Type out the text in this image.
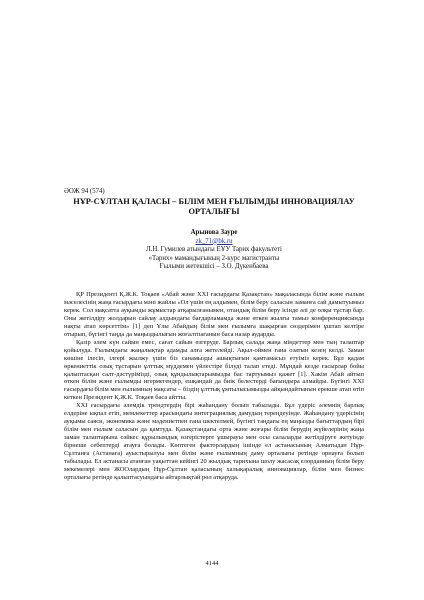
ӘОЖ 94 (574)
НҰР-СҰЛТАН ҚАЛАСЫ – БІЛІМ МЕН ҒЫЛЫМДЫ ИННОВАЦИЯЛАУ ОРТАЛЫҒЫ
Арынова Зауре
zk_71@bk.ru
Л.Н. Гумилев атындағы ЕҰУ Тарих факультеті
«Тарих» мамандығының 2-курс магистранты
Ғылыми жетекшісі – З.О. Дүкенбаева

ҚР Президенті Қ.Ж.К. Тоқаев «Абай және XXI ғасырдағы Қазақстан» мақаласында білім және ғылым мәселесінің жаңа ғасырдағы мәні жайлы «Ол үшін ең алдымен, білім беру саласын заманға сай дамытуымыз керек. Сол мақсатта ауқымды жұмыстар атқарылғанымен, отандық білім беру ісінде әлі де олқы тұстар бар. Оны жетілдіру жолдарын сайлау алдындағы бағдарламамда және өткен жылғы тамыз конференциясында нақты атап көрсеттім» [1] деп Ұлы Абайдың білім мен ғылымға шақырған сөздерімен ұштап келтіре отырып, бүгінгі таңда да маңыздылығын жоғалтпағанын баса назар аударды.

Қазір әлем күн сайын емес, сағат сайын өзгеруде. Барлық салада жаңа міндеттер мен тың талаптар қойылуда. Ғылымдағы жаңалықтар адамды алға жетелейді. Ақыл-оймен ғана озатын кезең келді. Заман көшіне ілесіп, ілгері жылжу үшін біз санамызды ашықтығын қамтамасыз етуіміз керек. Бұл қадам өркениеттік озық тұстарын ұлттық мүддемен үйлестіре білуді талап етеді. Мұндай кезде ғасырлар бойы қалыптасқан салт-дәстүрімізді, озық құндылықтарымызды бас тартуымыз қажет [1]. Хакім Абай айтып өткен білім және ғылымды игермегендер, ешқандай да биік белестерді бағындыра алмайды. Бүгінгі XXI ғасырдағы білім мен ғылымның мақсаты – біздің ұлттық ұмтылысымызды айқындайтынын ерекше атап өтіп кеткен Президент Қ.Ж.К. Тоқаев баса айтты.

XXI ғасырдағы әлемдік трендтердің бірі жаһандану болып табылады. Бұл үдеріс әлемнің барлық елдеріне ықпал етіп, мемлекеттер арасындағы интеграциялық дамудың тереңдеуінде. Жаһандану үдерісінің ауқымы саяси, экономика және мәдениетпен ғана шектелмей, бүгінгі таңдағы ең маңызды бағыттардың бірі білім мен ғылым саласын да қамтуда. Қазақстандағы орта және жоғары білім берудің жүйелерінің жаңа заман талаптарына сәйкес құрылымдық өзгерістерге ұшырауы мен осы салаларды жетілдіруге жетуінде бірнеше себептерді атауға болады. Көптеген факторлардың ішінде ел астанасының Алматыдан Нұр-Сұлтанға (Астанаға) ауыстырылуы мен білім және ғылымның даму орталығы ретінде орнауға болып табылады. Ел астанасы атанған уақыттан кейінгі 20 жылдық тарихына шолу жасасақ елордаиның білім беру мекемелері мен ЖООлардың Нұр-Сұлтан қаласының халықаралық инновациялар, білім мен бизнес орталығы ретінде қалыптасуындағы айтарлықтай рөл атқаруда.

4144
